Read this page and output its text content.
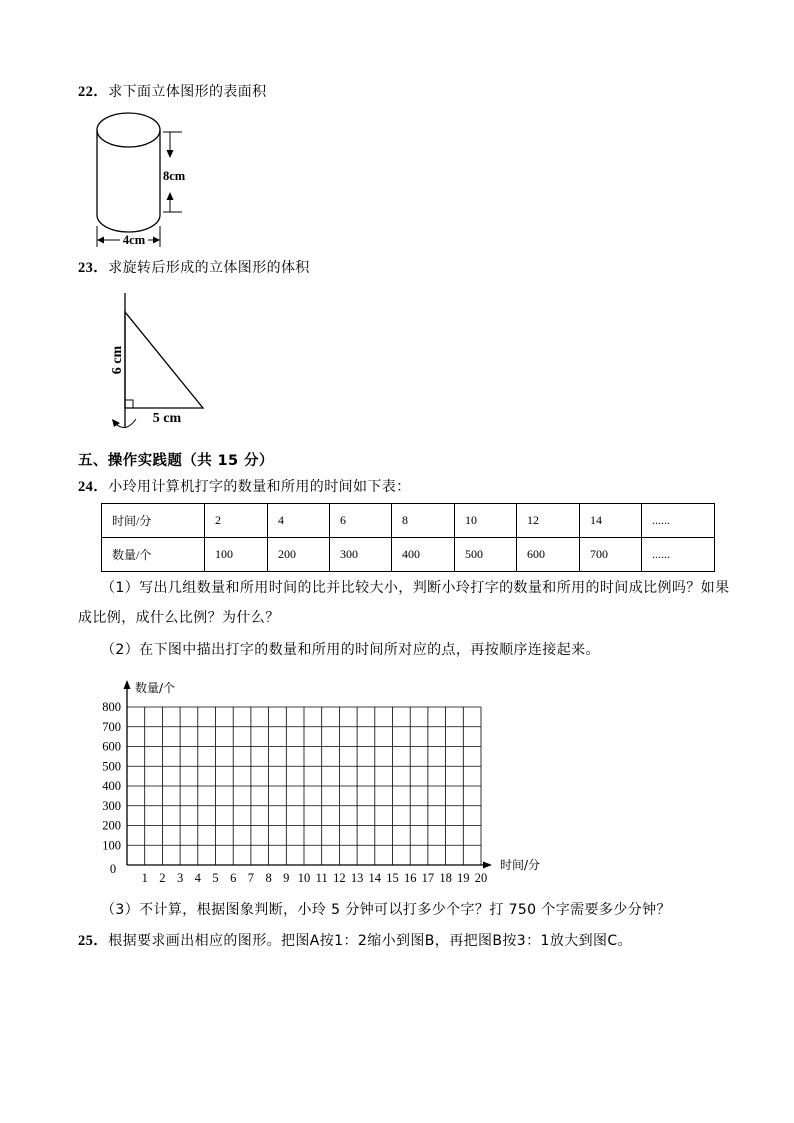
22．求下面立体图形的表面积
8cm
4cm
23．求旋转后形成的立体图形的体积
6 cm
5 cm
五、操作实践题（共 15 分）
24．小玲用计算机打字的数量和所用的时间如下表：
时间/分	2	4	6	8	10	12	14	......
数量/个	100	200	300	400	500	600	700	......
（1）写出几组数量和所用时间的比并比较大小，判断小玲打字的数量和所用的时间成比例吗？如果
成比例，成什么比例？为什么？
（2）在下图中描出打字的数量和所用的时间所对应的点，再按顺序连接起来。
100
200
300
400
500
600
700
800
1 2 3 4 5 6 7 8 9 10 11 12 13 14 15 16 17 18 19 20
0
数量/个
时间/分
（3）不计算，根据图象判断，小玲 5 分钟可以打多少个字？打 750 个字需要多少分钟？
25．根据要求画出相应的图形。把图A按1：2缩小到图B，再把图B按3：1放大到图C。
